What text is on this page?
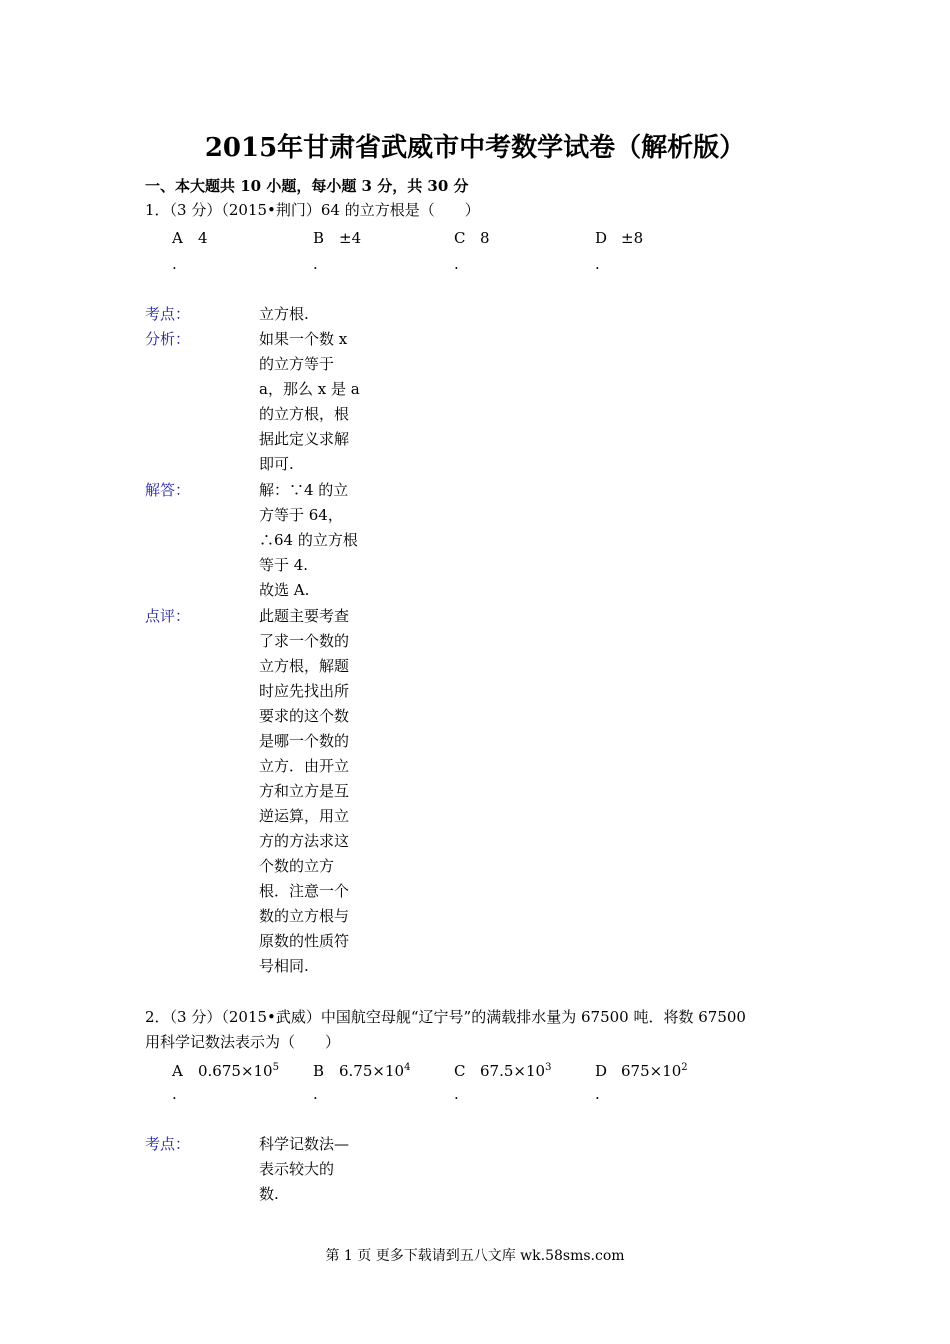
2015年甘肃省武威市中考数学试卷（解析版）
一、本大题共 10 小题，每小题 3 分，共 30 分
1．（3 分）（2015•荆门）64 的立方根是（　　）
A 4	B ±4	C 8	D ±8
.	.	.	.
考点：	立方根.
分析：	如果一个数 x
的立方等于
a，那么 x 是 a
的立方根，根
据此定义求解
即可.
解答：	解：∵4 的立
方等于 64，
∴64 的立方根
等于 4.
故选 A.
点评：	此题主要考查
了求一个数的
立方根，解题
时应先找出所
要求的这个数
是哪一个数的
立方．由开立
方和立方是互
逆运算，用立
方的方法求这
个数的立方
根．注意一个
数的立方根与
原数的性质符
号相同.
2．（3 分）（2015•武威）中国航空母舰“辽宁号”的满载排水量为 67500 吨．将数 67500
用科学记数法表示为（　　）
A $0.675\times 10^5$ B $6.75\times 10^4$	C $67.5\times 10^3$	D $675\times 10^2$
.	.	.	.
考点：	科学记数法—
表示较大的
数.
第 1 页 更多下载请到五八文库 wk.58sms.com
